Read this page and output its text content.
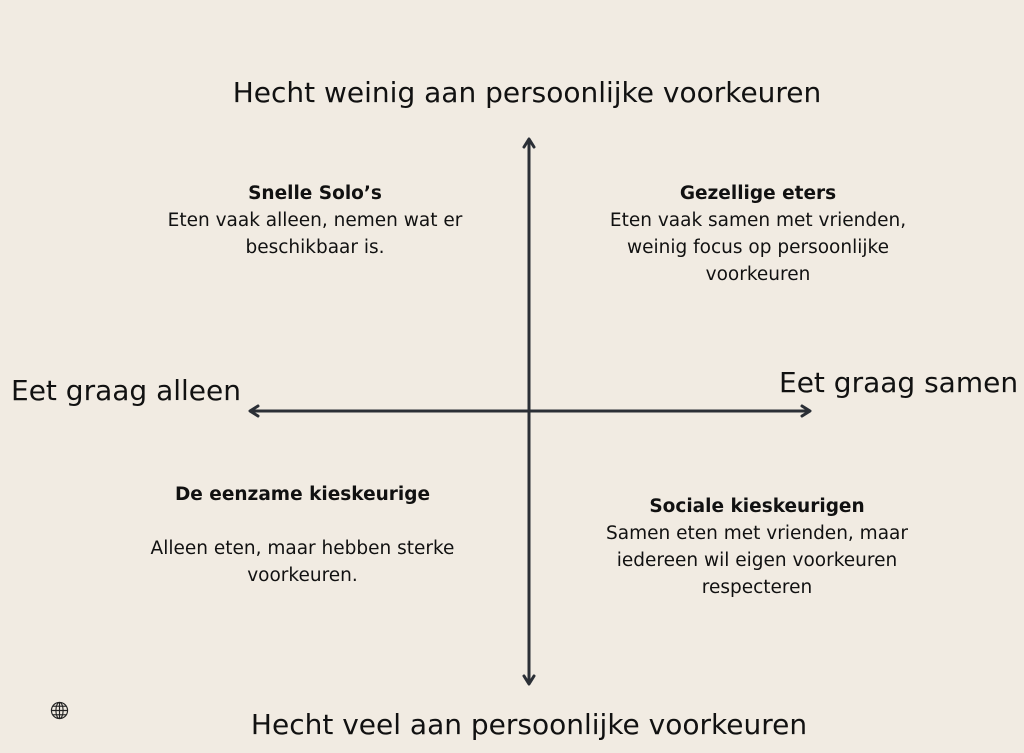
Hecht weinig aan persoonlijke voorkeuren
Hecht veel aan persoonlijke voorkeuren
Eet graag alleen	Eet graag samen
Snelle Solo’s
Eten vaak alleen, nemen wat er beschikbaar is.
Gezellige eters
Eten vaak samen met vrienden, weinig focus op persoonlijke voorkeuren
De eenzame kieskeurige
Alleen eten, maar hebben sterke voorkeuren.
Sociale kieskeurigen
Samen eten met vrienden, maar iedereen wil eigen voorkeuren respecteren
